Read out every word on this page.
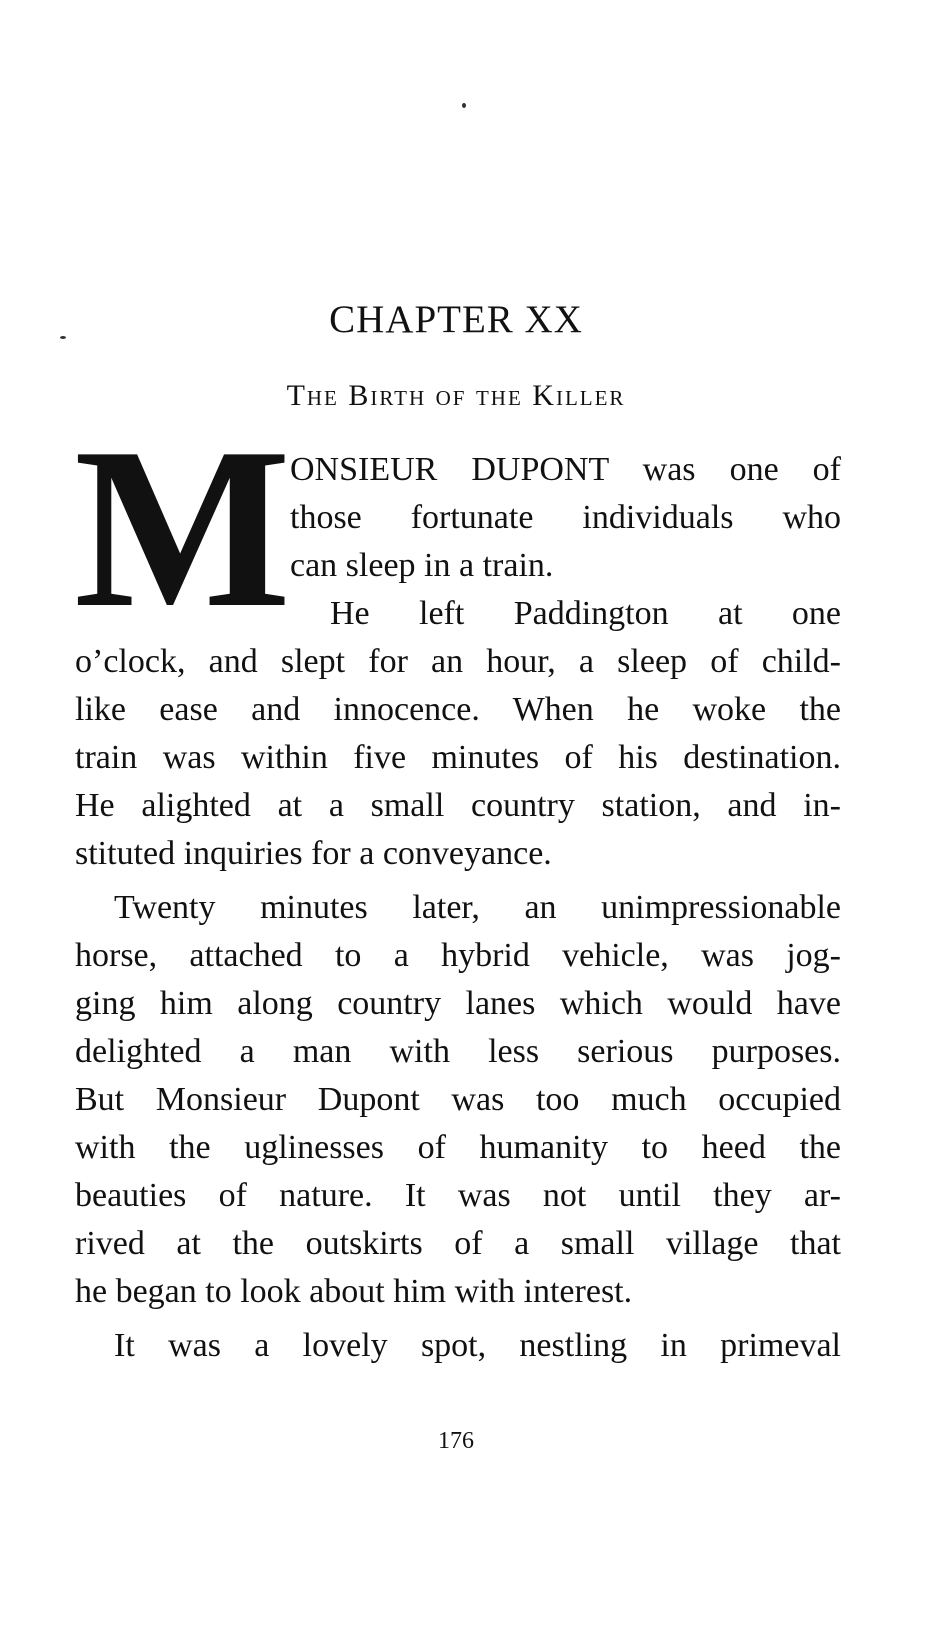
CHAPTER XX
The Birth of the Killer
M ONSIEUR DUPONT was one of
those fortunate individuals who
can sleep in a train.
He left Paddington at one
o’clock, and slept for an hour, a sleep of child-
like ease and innocence. When he woke the
train was within five minutes of his destination.
He alighted at a small country station, and in-
stituted inquiries for a conveyance.
Twenty minutes later, an unimpressionable
horse, attached to a hybrid vehicle, was jog-
ging him along country lanes which would have
delighted a man with less serious purposes.
But Monsieur Dupont was too much occupied
with the uglinesses of humanity to heed the
beauties of nature. It was not until they ar-
rived at the outskirts of a small village that
he began to look about him with interest.
It was a lovely spot, nestling in primeval
176
